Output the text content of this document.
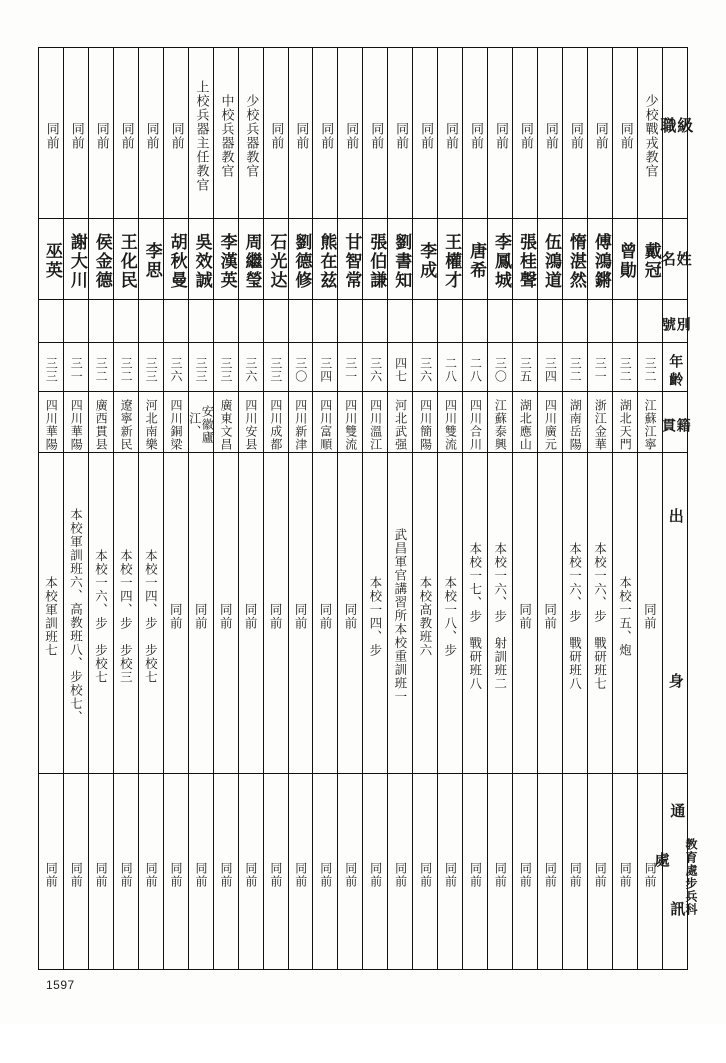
同前	同前	同前	同前	同前	同前	上校兵器主任教官	中校兵器教官	少校兵器教官	同前	同前	同前	同前	同前	同前	同前	同前	同前	同前	同前	同前	同前	同前	同前	少校戰戎教官	級　　職

巫英	謝大川	侯金德	王化民	李思	胡秋曼	吳效誠	李漢英	周繼瑩	石光达	劉德修	熊在兹	甘智常	張伯謙	劉書知	李成	王權才	唐希	李鳳城	張桂聲	伍鴻道	惰湛然	傅鴻鏘	曾勛	戴冠	姓　名

																									別號

三三	三一	三二	三二	三三	三六	三三	三三	三六	三三	三〇	三四	三一	三六	四七	三六	二八	二八	三〇	三五	三四	三二	三一	三二	三二	年齡

四川華陽	四川華陽	廣西貫县	遼寧新民	河北南樂	四川銅梁	安徽廬江、	廣東文昌	四川安县	四川成都	四川新津	四川富順	四川雙流	四川溫江	河北武强	四川簡陽	四川雙流	四川合川	江蘇泰興	湖北應山	四川廣元	湖南岳陽	浙江金華	湖北天門	江蘇江寧	籍　貫

本校軍訓班七	本校軍訓班六、高教班八、步校七、	本校一六、步　步校七	本校一四、步　步校三	本校一四、步　步校七	同前	同前	同前	同前	同前	同前	同前	同前	本校一四、步	武昌軍官講習所本校重訓班一	本校高教班六	本校一八、步	本校一七、步　戰研班八	本校一六、步　射訓班二	同前	同前	本校一六、步　戰研班八	本校一六、步　戰研班七	本校一五、炮	同前	出　　身

同前	同前	同前	同前	同前	同前	同前	同前	同前	同前	同前	同前	同前	同前	同前	同前	同前	同前	同前	同前	同前	同前	同前	同前	同前	通　訊　處 教育處步兵科
1597
